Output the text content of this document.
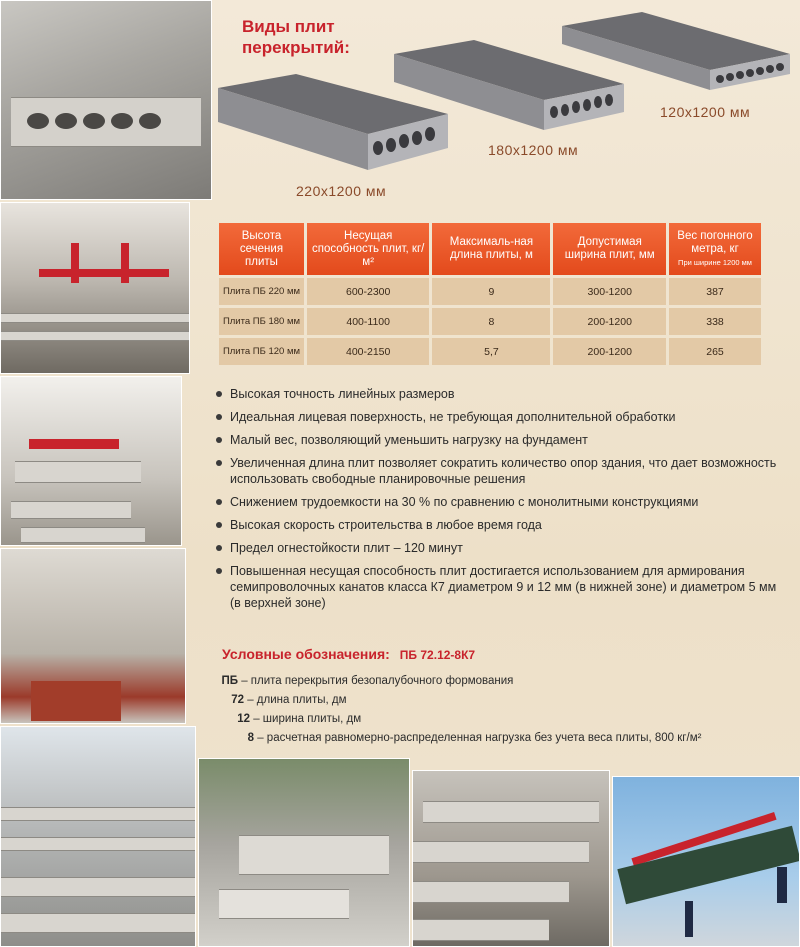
Виды плит
перекрытий:
220x1200 мм
180x1200 мм
120x1200 мм
Высота сечения плиты	Несущая способность плит, кг/м²	Максималь-ная длина плиты, м	Допустимая ширина плит, мм	Вес погонного метра, кг
При ширине 1200 мм

Плита ПБ 220 мм	600-2300	9	300-1200	387
Плита ПБ 180 мм	400-1100	8	200-1200	338
Плита ПБ 120 мм	400-2150	5,7	200-1200	265
Высокая точность линейных размеров
Идеальная лицевая поверхность, не требующая дополнительной обработки
Малый вес, позволяющий уменьшить нагрузку на фундамент
Увеличенная длина плит позволяет сократить количество опор здания, что дает возможность использовать свободные планировочные решения
Снижением трудоемкости на 30 % по сравнению с монолитными конструкциями
Высокая скорость строительства в любое время года
Предел огнестойкости плит – 120 минут
Повышенная несущая способность плит достигается использованием для армирования семипроволочных канатов класса К7 диаметром 9 и 12 мм (в нижней зоне) и диаметром 5 мм (в верхней зоне)
Условные обозначения: ПБ 72.12-8К7
ПБ – плита перекрытия безопалубочного формования
72 – длина плиты, дм
12 – ширина плиты, дм
8 – расчетная равномерно-распределенная нагрузка без учета веса плиты, 800 кг/м²
